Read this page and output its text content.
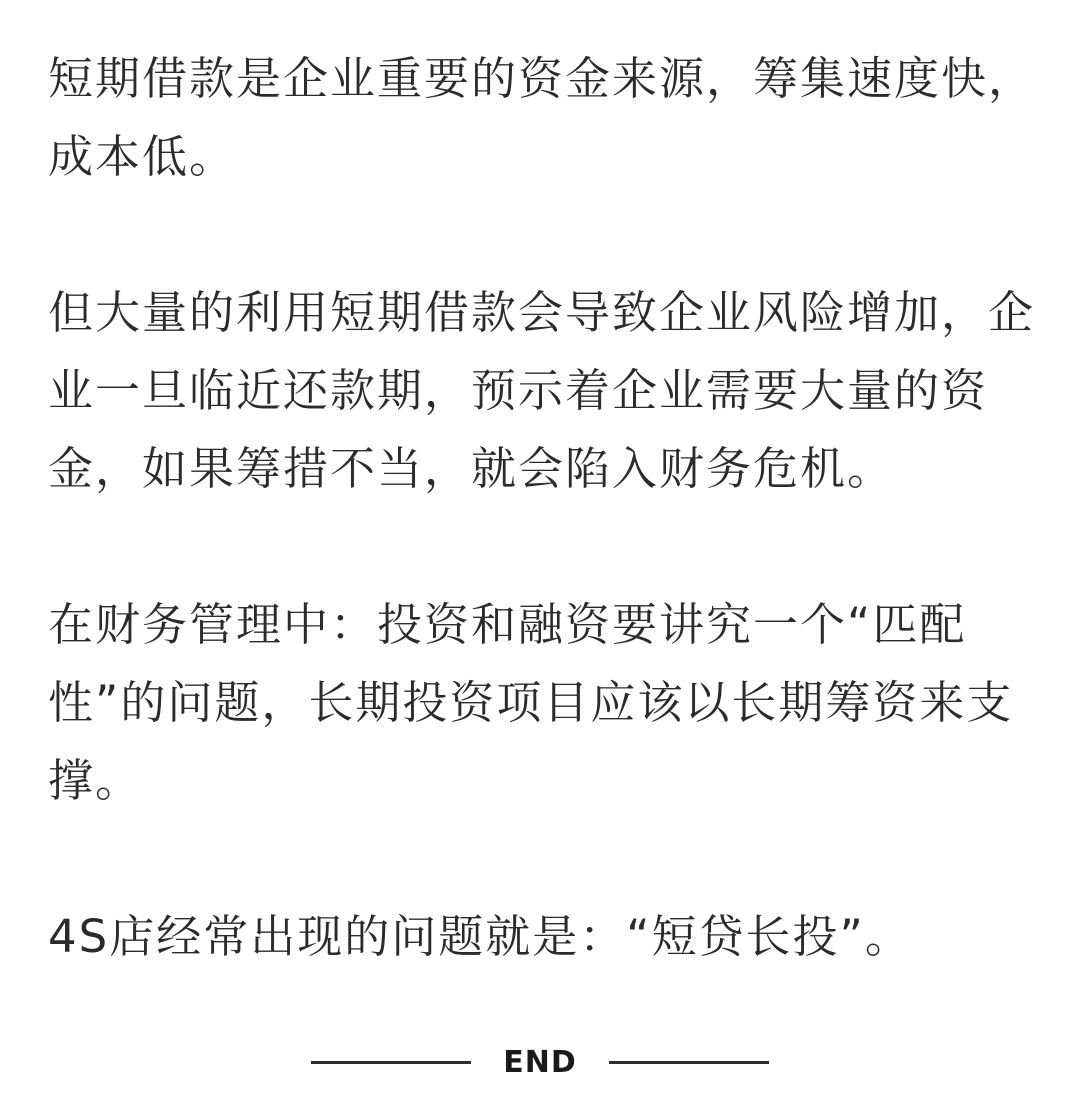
短期借款是企业重要的资金来源，筹集速度快，成本低。

但大量的利用短期借款会导致企业风险增加，企业一旦临近还款期，预示着企业需要大量的资金，如果筹措不当，就会陷入财务危机。

在财务管理中：投资和融资要讲究一个“匹配性”的问题，长期投资项目应该以长期筹资来支撑。

4S店经常出现的问题就是：“短贷长投”。

END
